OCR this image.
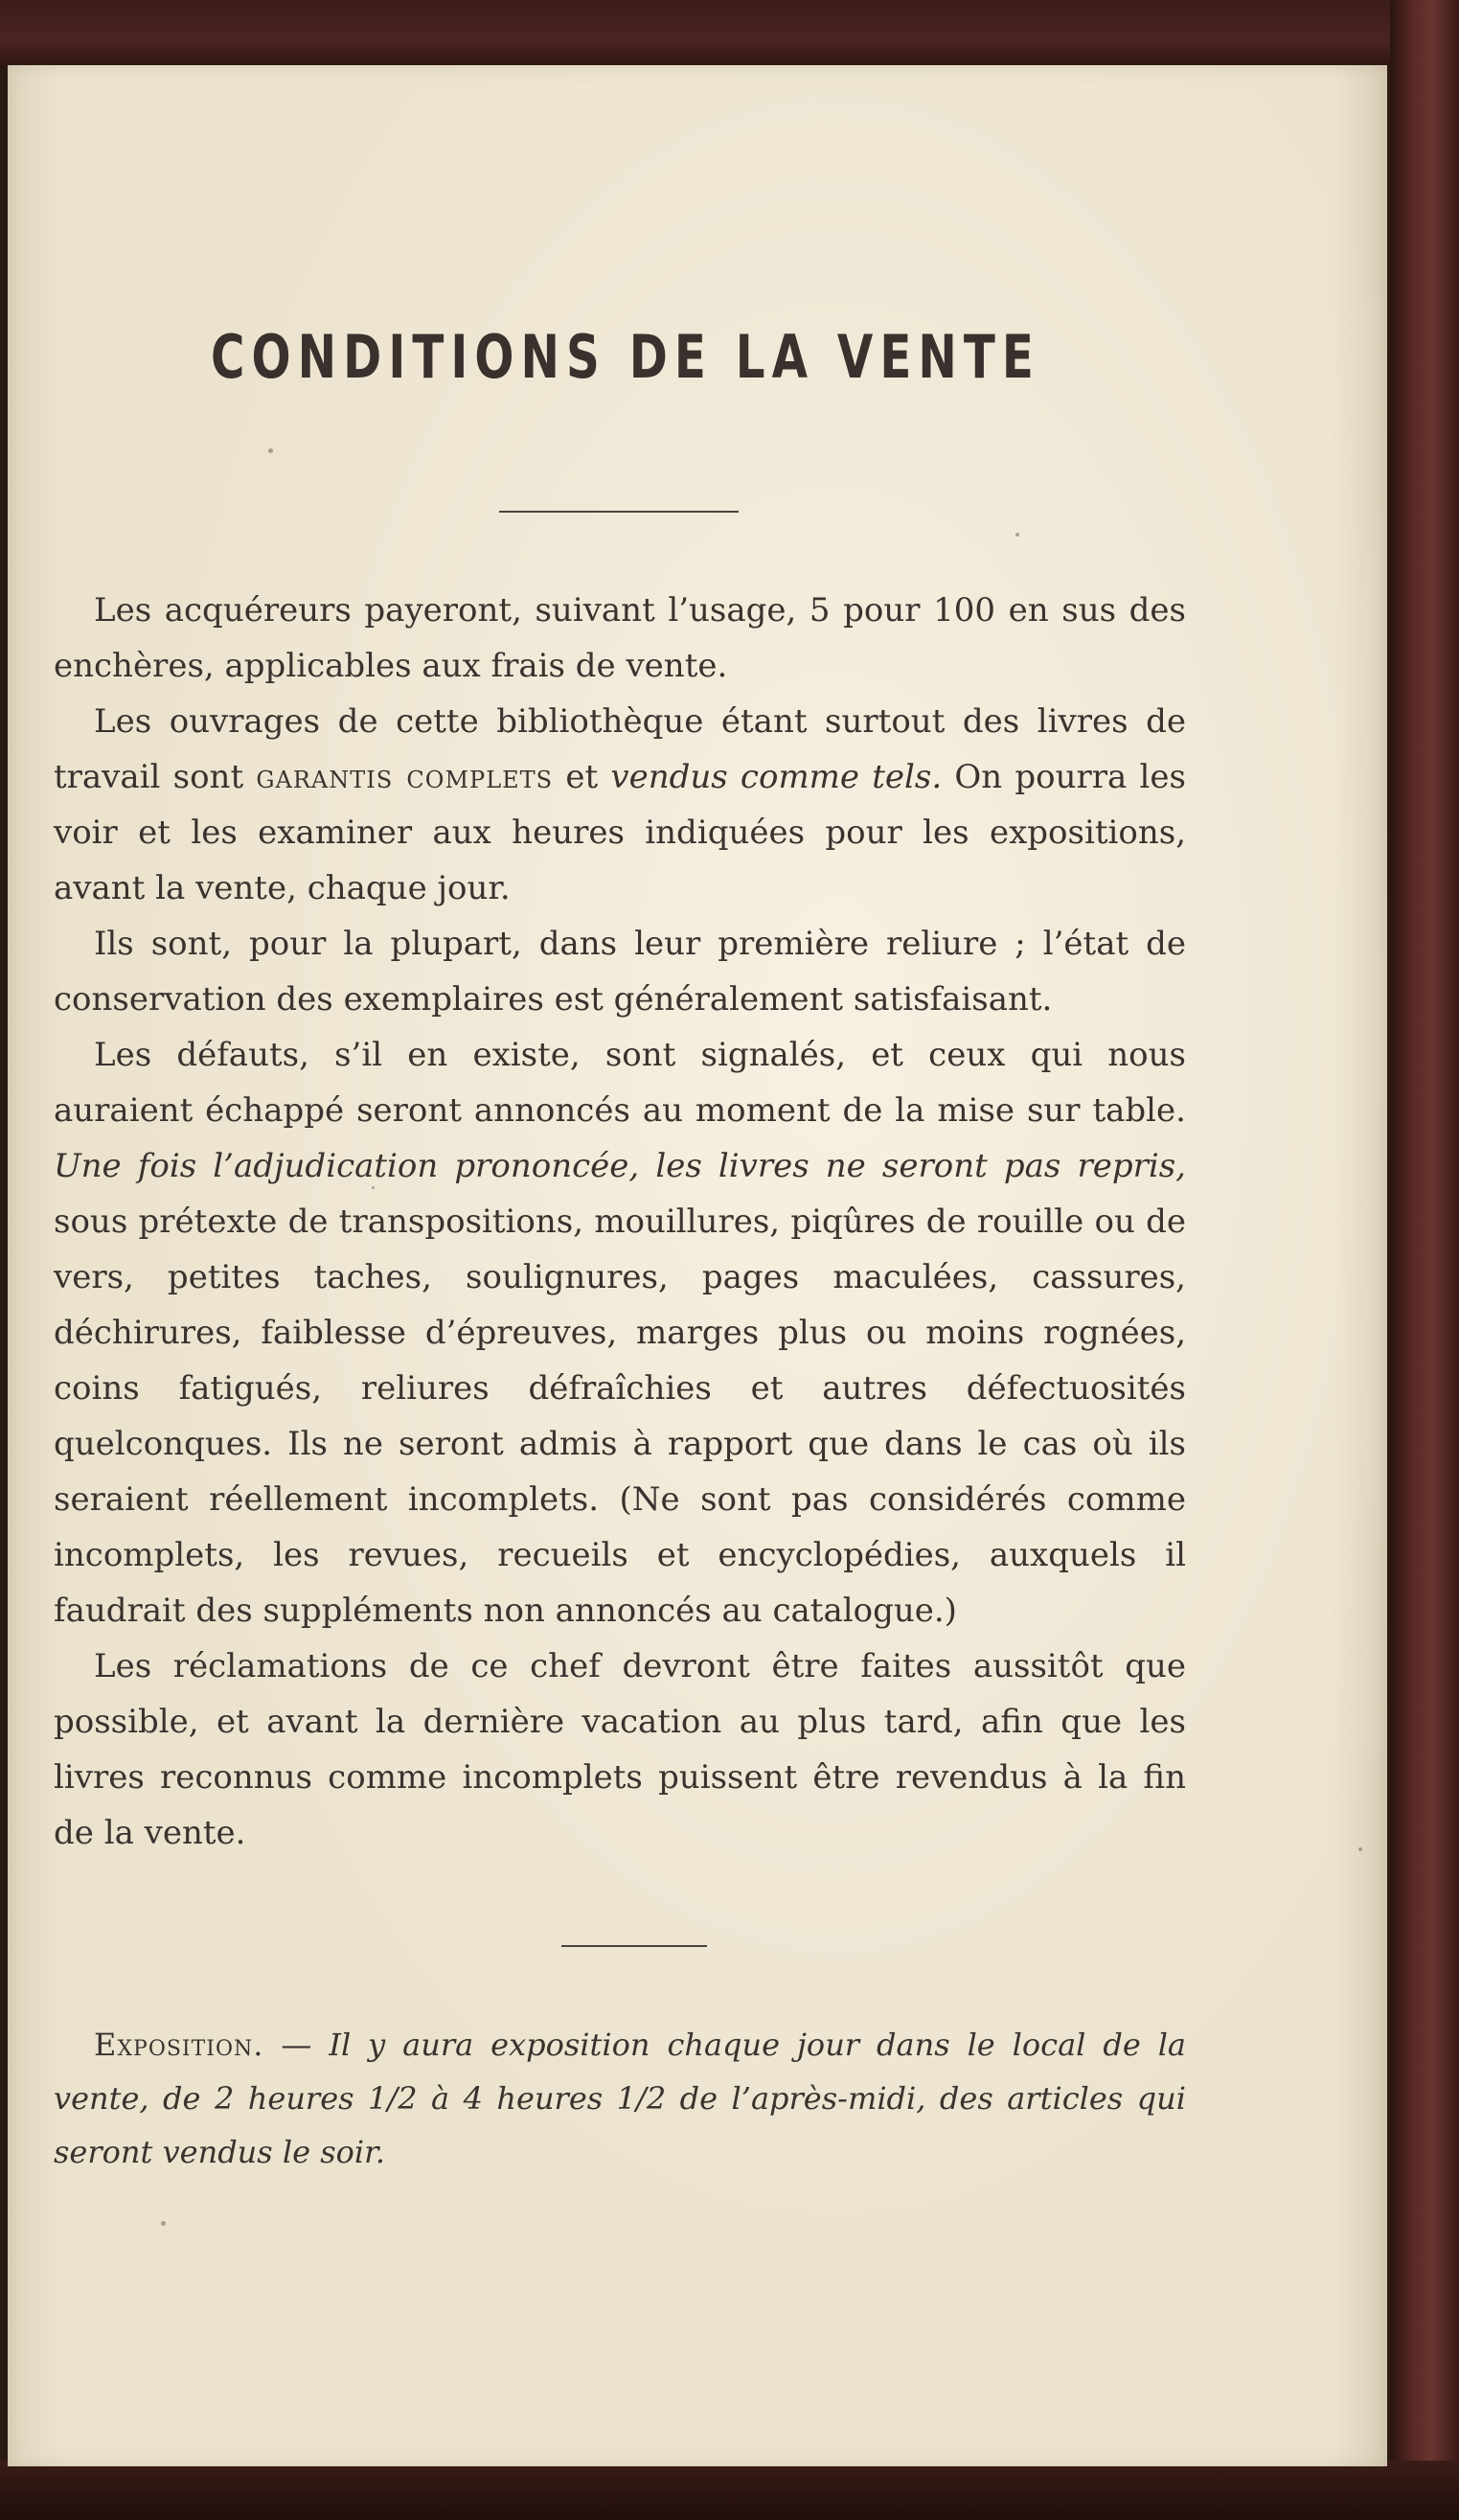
CONDITIONS DE LA VENTE

Les acquéreurs payeront, suivant l’usage, 5 pour 100 en sus des enchères, applicables aux frais de vente.

Les ouvrages de cette bibliothèque étant surtout des livres de travail sont garantis complets et vendus comme tels. On pourra les voir et les examiner aux heures indiquées pour les expositions, avant la vente, chaque jour.

Ils sont, pour la plupart, dans leur première reliure ; l’état de conservation des exemplaires est généralement satisfaisant.

Les défauts, s’il en existe, sont signalés, et ceux qui nous auraient échappé seront annoncés au moment de la mise sur table. Une fois l’adjudication prononcée, les livres ne seront pas repris, sous prétexte de transpositions, mouillures, piqûres de rouille ou de vers, petites taches, soulignures, pages maculées, cassures, déchirures, faiblesse d’épreuves, marges plus ou moins rognées, coins fatigués, reliures défraîchies et autres défectuosités quelconques. Ils ne seront admis à rapport que dans le cas où ils seraient réellement incomplets. (Ne sont pas considérés comme incomplets, les revues, recueils et encyclopédies, auxquels il faudrait des suppléments non annoncés au catalogue.)

Les réclamations de ce chef devront être faites aussitôt que possible, et avant la dernière vacation au plus tard, afin que les livres reconnus comme incomplets puissent être revendus à la fin de la vente.

Exposition. — Il y aura exposition chaque jour dans le local de la vente, de 2 heures 1/2 à 4 heures 1/2 de l’après-midi, des articles qui seront vendus le soir.
